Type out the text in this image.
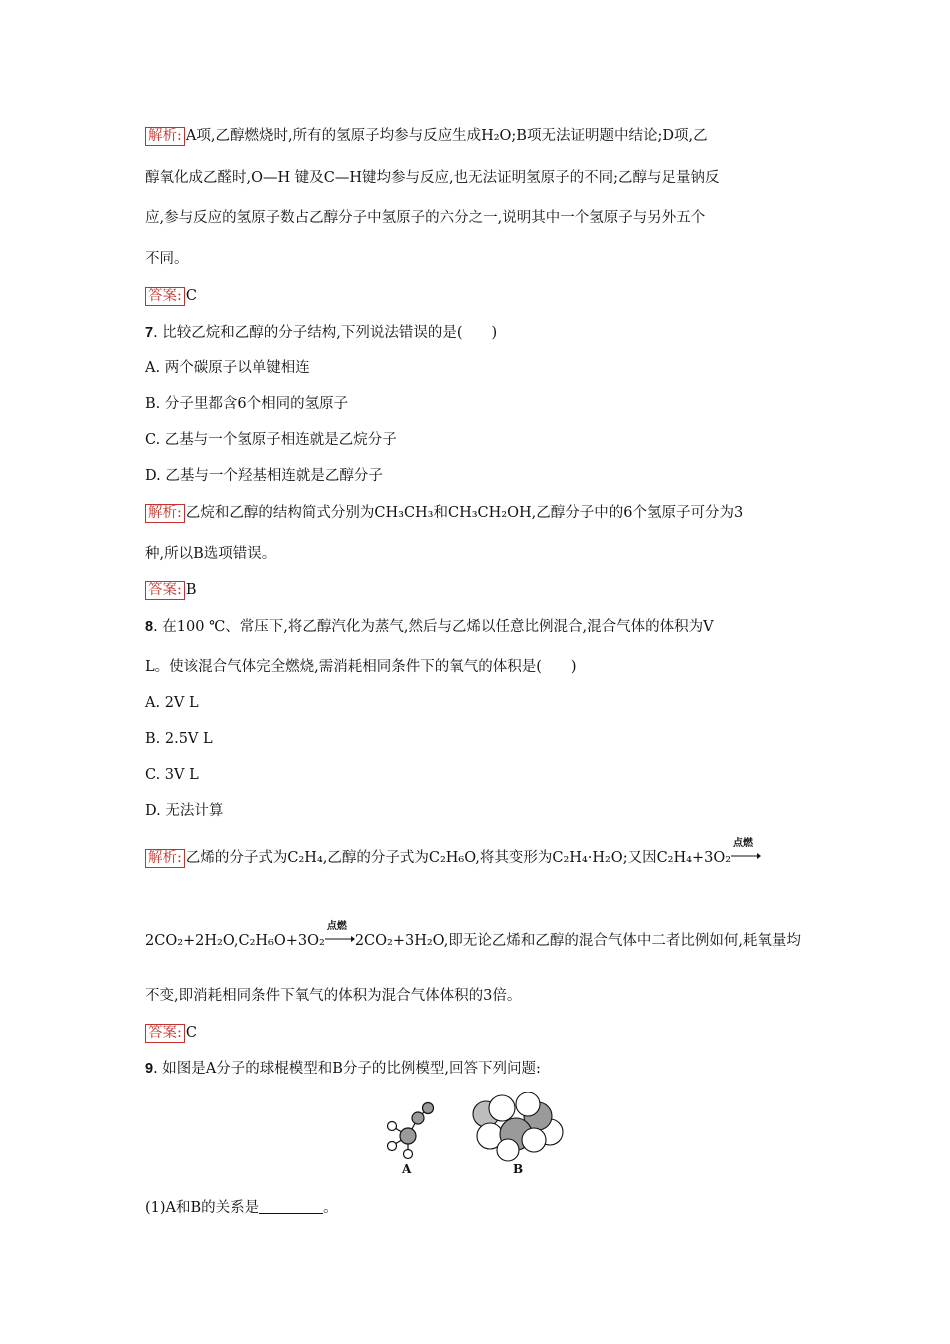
解析: A项,乙醇燃烧时,所有的氢原子均参与反应生成H₂O;B项无法证明题中结论;D项,乙
醇氧化成乙醛时,O—H 键及C—H键均参与反应,也无法证明氢原子的不同;乙醇与足量钠反
应,参与反应的氢原子数占乙醇分子中氢原子的六分之一,说明其中一个氢原子与另外五个
不同。
答案: C
7. 比较乙烷和乙醇的分子结构,下列说法错误的是(　　)
A. 两个碳原子以单键相连
B. 分子里都含6个相同的氢原子
C. 乙基与一个氢原子相连就是乙烷分子
D. 乙基与一个羟基相连就是乙醇分子
解析: 乙烷和乙醇的结构简式分别为CH₃CH₃和CH₃CH₂OH,乙醇分子中的6个氢原子可分为3
种,所以B选项错误。
答案: B
8. 在100 ℃、常压下,将乙醇汽化为蒸气,然后与乙烯以任意比例混合,混合气体的体积为V
L。使该混合气体完全燃烧,需消耗相同条件下的氧气的体积是(　　)
A. 2V L
B. 2.5V L
C. 3V L
D. 无法计算
解析: 乙烯的分子式为C₂H₄,乙醇的分子式为C₂H₆O,将其变形为C₂H₄·H₂O;又因C₂H₄+3O₂
点燃
2CO₂+2H₂O,C₂H₆O+3O₂
点燃
2CO₂+3H₂O,即无论乙烯和乙醇的混合气体中二者比例如何,耗氧量均
不变,即消耗相同条件下氧气的体积为混合气体体积的3倍。
答案: C
9. 如图是A分子的球棍模型和B分子的比例模型,回答下列问题:
A	B
(1)A和B的关系是	。
